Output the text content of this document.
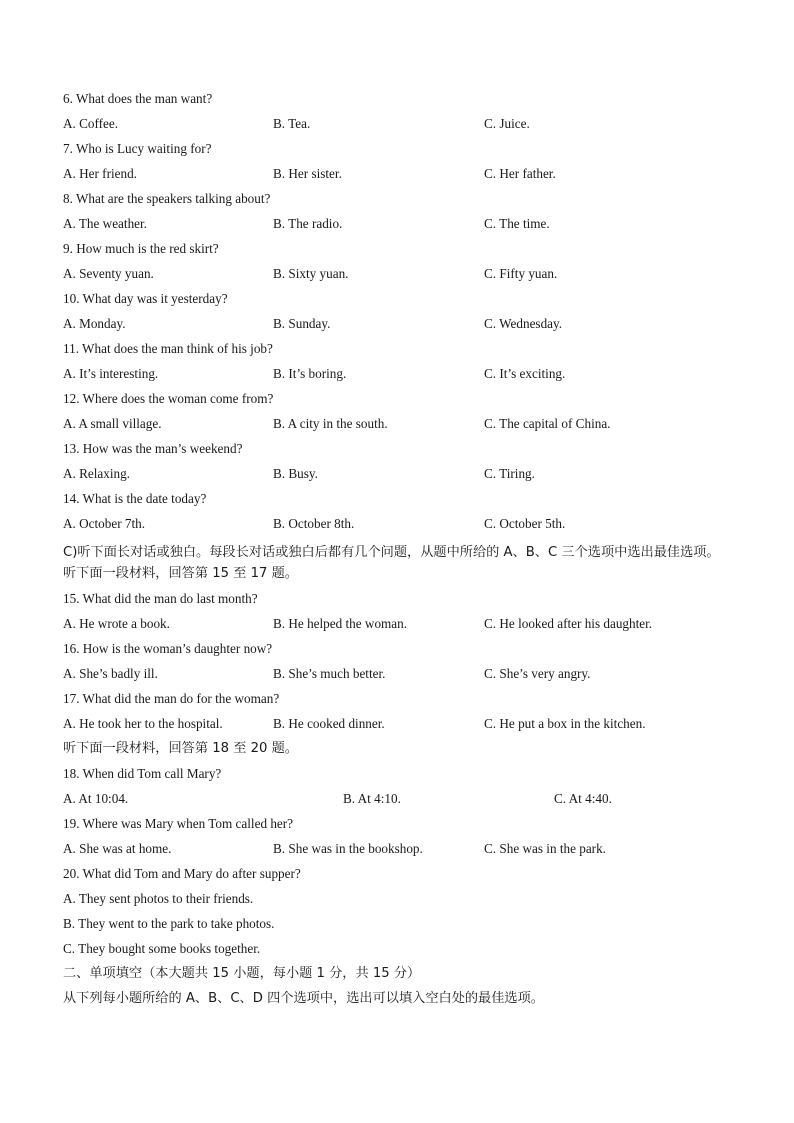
6. What does the man want?
A. Coffee.	B. Tea.	C. Juice.
7. Who is Lucy waiting for?
A. Her friend.	B. Her sister.	C. Her father.
8. What are the speakers talking about?
A. The weather.	B. The radio.	C. The time.
9. How much is the red skirt?
A. Seventy yuan.	B. Sixty yuan.	C. Fifty yuan.
10. What day was it yesterday?
A. Monday.	B. Sunday.	C. Wednesday.
11. What does the man think of his job?
A. It’s interesting.	B. It’s boring.	C. It’s exciting.
12. Where does the woman come from?
A. A small village.	B. A city in the south.	C. The capital of China.
13. How was the man’s weekend?
A. Relaxing.	B. Busy.	C. Tiring.
14. What is the date today?
A. October 7th.	B. October 8th.	C. October 5th.
C)听下面长对话或独白。每段长对话或独白后都有几个问题，从题中所给的 A、B、C 三个选项中选出最佳选项。
听下面一段材料，回答第 15 至 17 题。
15. What did the man do last month?
A. He wrote a book.	B. He helped the woman.	C. He looked after his daughter.
16. How is the woman’s daughter now?
A. She’s badly ill.	B. She’s much better.	C. She’s very angry.
17. What did the man do for the woman?
A. He took her to the hospital.	B. He cooked dinner.	C. He put a box in the kitchen.
听下面一段材料，回答第 18 至 20 题。
18. When did Tom call Mary?
A. At 10:04.	B. At 4:10.	C. At 4:40.
19. Where was Mary when Tom called her?
A. She was at home.	B. She was in the bookshop.	C. She was in the park.
20. What did Tom and Mary do after supper?
A. They sent photos to their friends.
B. They went to the park to take photos.
C. They bought some books together.
二、单项填空（本大题共 15 小题，每小题 1 分，共 15 分）
从下列每小题所给的 A、B、C、D 四个选项中，选出可以填入空白处的最佳选项。
